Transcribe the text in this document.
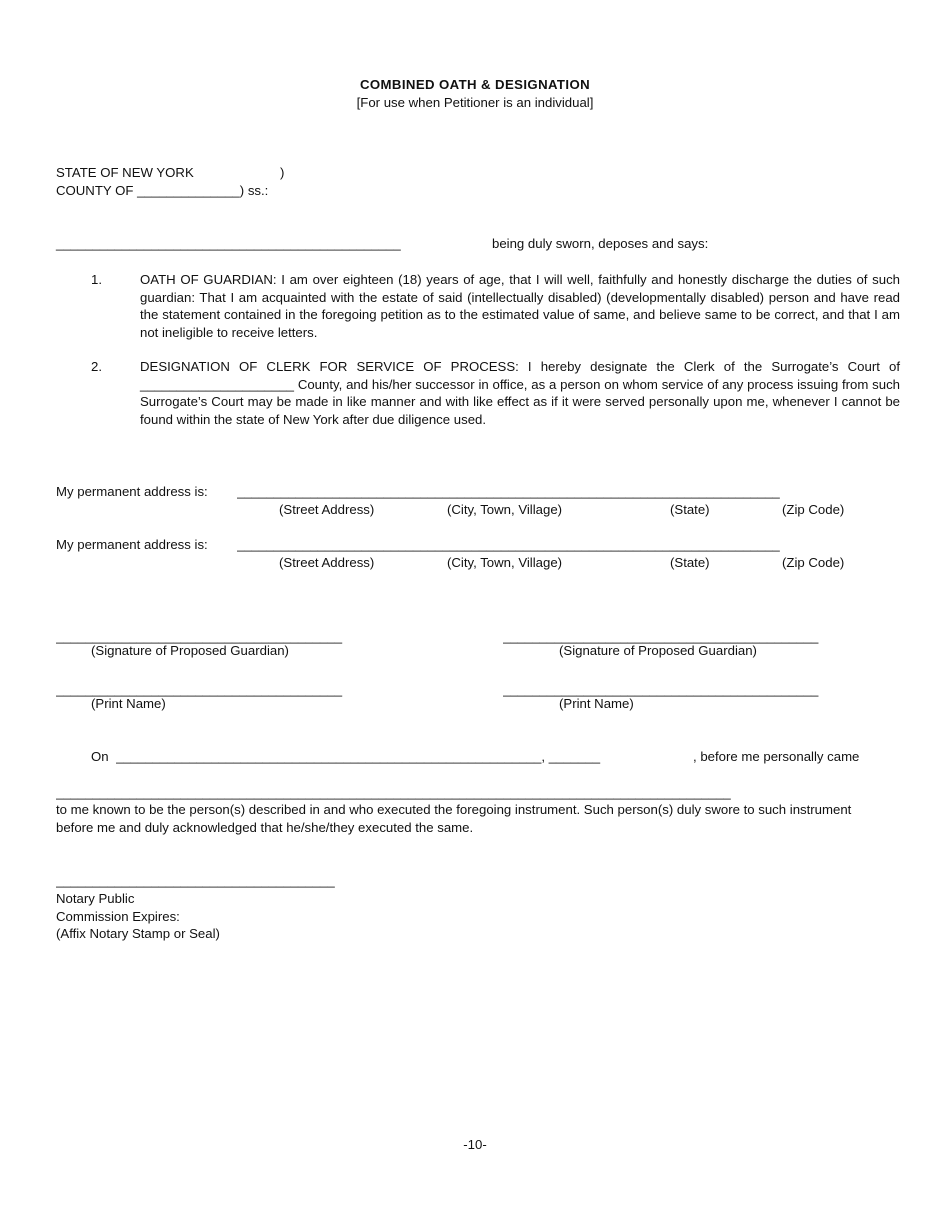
COMBINED OATH & DESIGNATION
[For use when Petitioner is an individual]
STATE OF NEW YORK	)
COUNTY OF ______________) ss.:
_______________________________________________	being duly sworn, deposes and says:
1.	OATH OF GUARDIAN: I am over eighteen (18) years of age, that I will well, faithfully and honestly discharge the duties of such guardian: That I am acquainted with the estate of said (intellectually disabled) (developmentally disabled) person and have read the statement contained in the foregoing petition as to the estimated value of same, and believe same to be correct, and that I am not ineligible to receive letters.
2.	DESIGNATION OF CLERK FOR SERVICE OF PROCESS: I hereby designate the Clerk of the Surrogate’s Court of _____________________ County, and his/her successor in office, as a person on whom service of any process issuing from such Surrogate’s Court may be made in like manner and with like effect as if it were served personally upon me, whenever I cannot be found within the state of New York after due diligence used.
My permanent address is: __________________________________________________________________________
(Street Address)	(City, Town, Village)	(State)	(Zip Code)
My permanent address is: __________________________________________________________________________
(Street Address)	(City, Town, Village)	(State)	(Zip Code)
_______________________________________	___________________________________________
(Signature of Proposed Guardian)	(Signature of Proposed Guardian)
_______________________________________	___________________________________________
(Print Name)	(Print Name)
On __________________________________________________________, _______	, before me personally came
____________________________________________________________________________________________
to me known to be the person(s) described in and who executed the foregoing instrument. Such person(s) duly swore to such instrument before me and duly acknowledged that he/she/they executed the same.
______________________________________
Notary Public
Commission Expires:
(Affix Notary Stamp or Seal)
-10-
